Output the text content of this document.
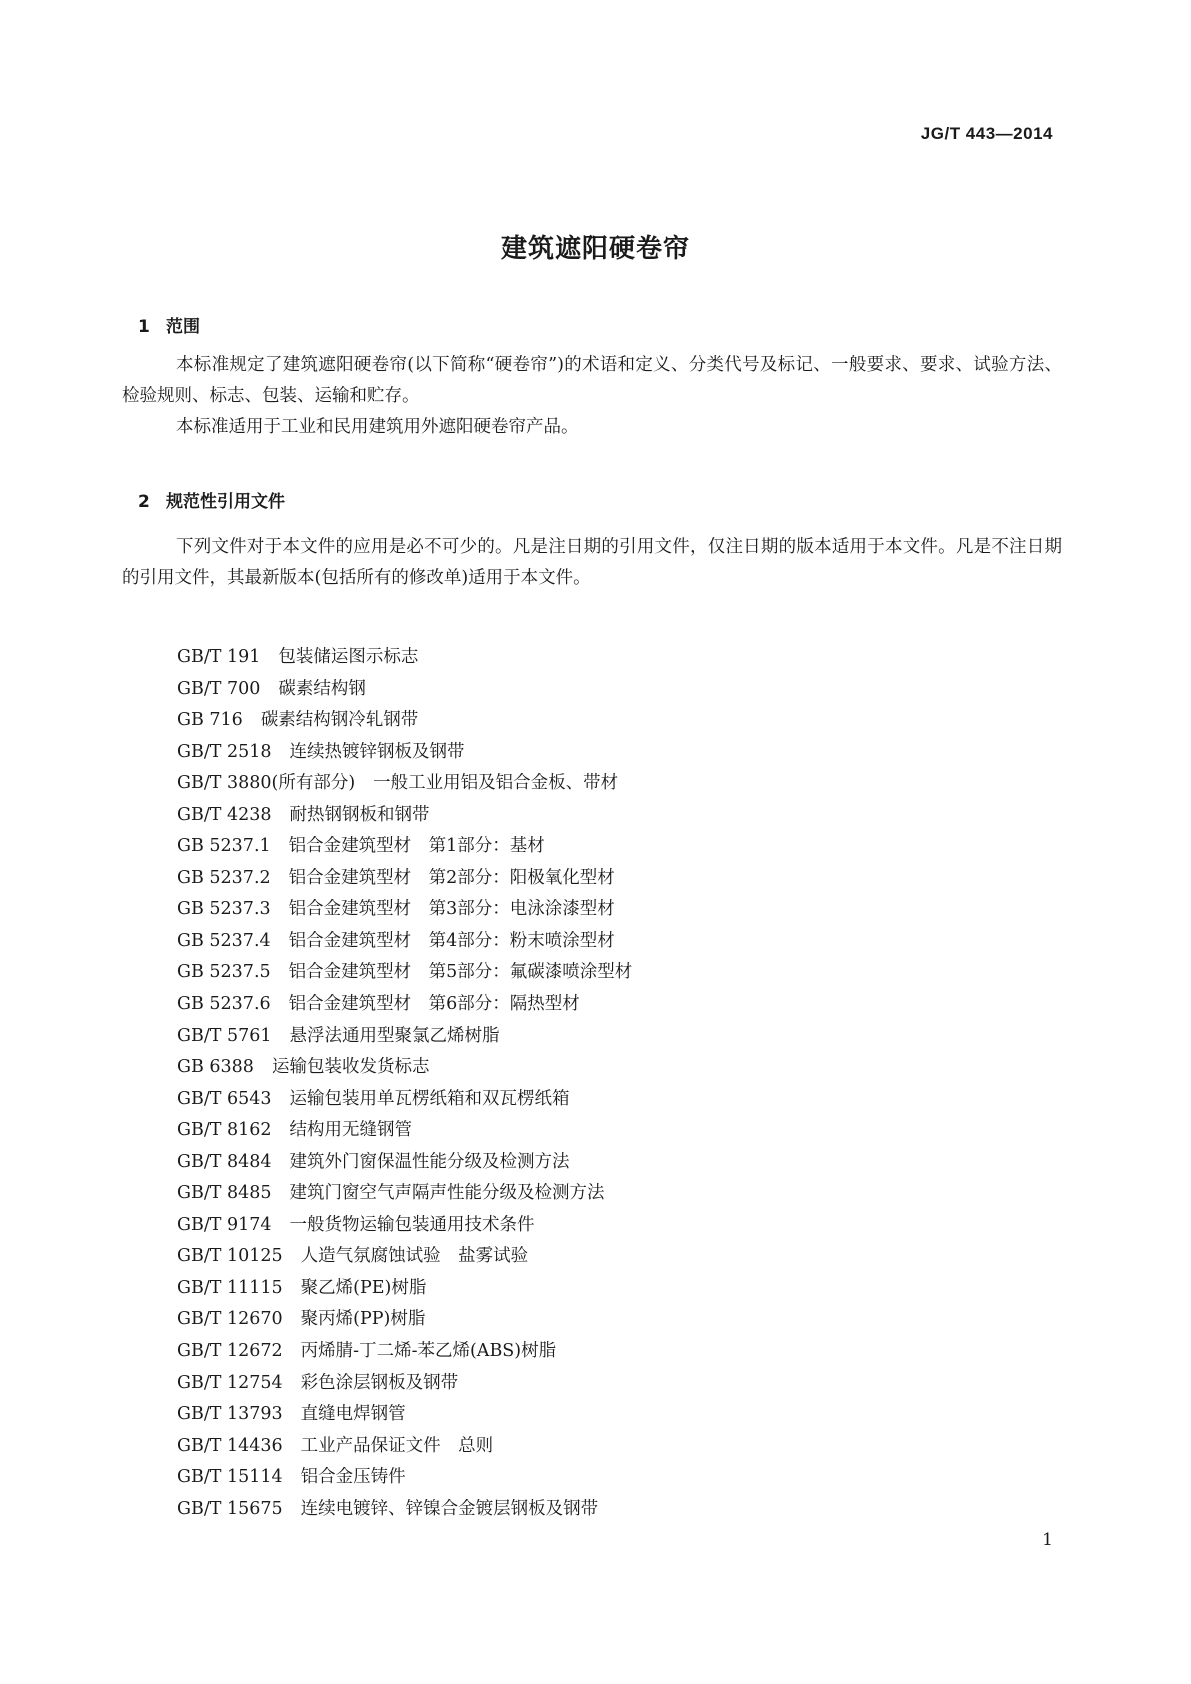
JG/T 443—2014
建筑遮阳硬卷帘
1 范围

本标准规定了建筑遮阳硬卷帘(以下简称“硬卷帘”)的术语和定义、分类代号及标记、一般要求、要求、试验方法、检验规则、标志、包装、运输和贮存。

本标准适用于工业和民用建筑用外遮阳硬卷帘产品。

2 规范性引用文件

下列文件对于本文件的应用是必不可少的。凡是注日期的引用文件，仅注日期的版本适用于本文件。凡是不注日期的引用文件，其最新版本(包括所有的修改单)适用于本文件。

GB/T 191 包装储运图示标志
GB/T 700 碳素结构钢
GB 716 碳素结构钢冷轧钢带
GB/T 2518 连续热镀锌钢板及钢带
GB/T 3880(所有部分) 一般工业用铝及铝合金板、带材
GB/T 4238 耐热钢钢板和钢带
GB 5237.1 铝合金建筑型材　第1部分：基材
GB 5237.2 铝合金建筑型材　第2部分：阳极氧化型材
GB 5237.3 铝合金建筑型材　第3部分：电泳涂漆型材
GB 5237.4 铝合金建筑型材　第4部分：粉末喷涂型材
GB 5237.5 铝合金建筑型材　第5部分：氟碳漆喷涂型材
GB 5237.6 铝合金建筑型材　第6部分：隔热型材
GB/T 5761 悬浮法通用型聚氯乙烯树脂
GB 6388 运输包装收发货标志
GB/T 6543 运输包装用单瓦楞纸箱和双瓦楞纸箱
GB/T 8162 结构用无缝钢管
GB/T 8484 建筑外门窗保温性能分级及检测方法
GB/T 8485 建筑门窗空气声隔声性能分级及检测方法
GB/T 9174 一般货物运输包装通用技术条件
GB/T 10125 人造气氛腐蚀试验　盐雾试验
GB/T 11115 聚乙烯(PE)树脂
GB/T 12670 聚丙烯(PP)树脂
GB/T 12672 丙烯腈-丁二烯-苯乙烯(ABS)树脂
GB/T 12754 彩色涂层钢板及钢带
GB/T 13793 直缝电焊钢管
GB/T 14436 工业产品保证文件　总则
GB/T 15114 铝合金压铸件
GB/T 15675 连续电镀锌、锌镍合金镀层钢板及钢带
1
